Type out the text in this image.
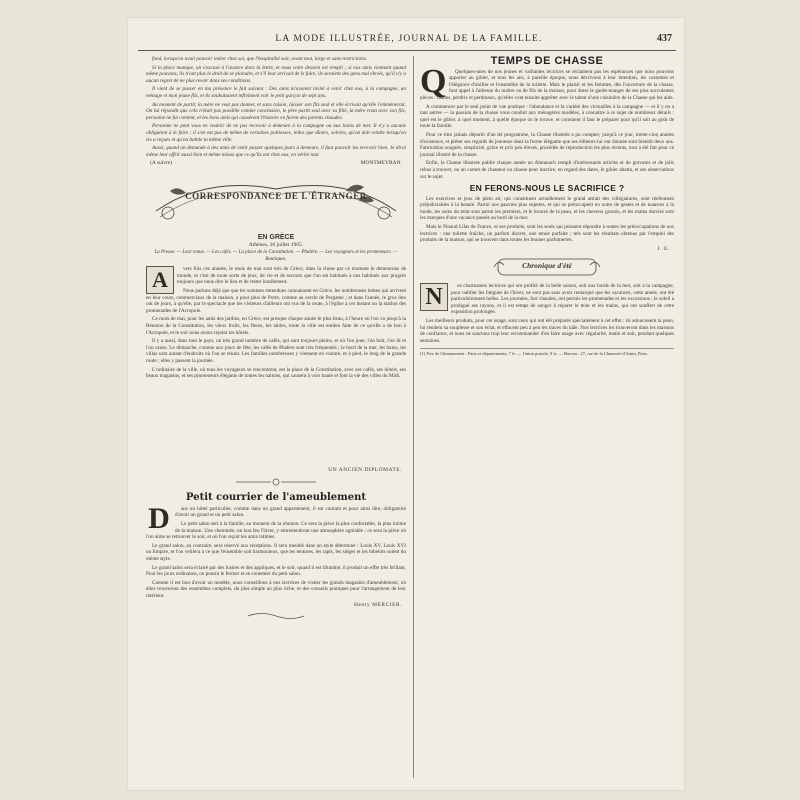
LA MODE ILLUSTRÉE, JOURNAL DE LA FAMILLE.	437

fond, lorsqu'on avait pouvoir imiter chez soi, que l'hospitalité soit, avant tout, large et sans restrictions.

Si la place manque, on s'excuse à l'avance dans la lettre, et nous votre dessein est rempli ; si nos amis viennent quand même pouvons, ils n'ont plus le droit de se plaindre, et s'il leur arrivait de le faire, ils seraient des gens mal élevés, qu'il n'y a aucun regret de ne plus revoir dans ses conditions.

Il vient de se passer en ma présence le fait suivant : Des amis m'avaient invité à venir chez eux, à la campagne, un ménage et mon jeune fils, et ils souhaitaient infiniment voir le petit garçon de sept ans.

Au moment de partir, la mère ne veut pas donner, et sans raison, laisser son fils seul et elle écrivait qu'elle l'emmènerait. On lui répondit que cela n'était pas possible comme conclusion, le père partit seul avec sa fille, la mère resta avec son fils, personne ne fut content, et les bons amis qui causèrent l'histoire en furent des parents chaudes.

Personne ne peut vous en vouloir de ne pas recevoir à demeure à la campagne ou aux bains de mer. Il n'y a aucune obligation à le faire ; il s'en est pas de même de certaines politesses, telles que dîners, soirées, qu'on doit rendre lorsqu'on les a reçues et qu'on habite la même ville.

Aussi, quand on demande à des amis de venir passer quelques jours à demeure, il faut pouvoir les recevoir bien. Je dirai même leur offrir aussi bien et même mieux que ce qu'ils ont chez eux, en vérité tout.

(A suivre)	MONTMEYRAN.
CORRESPONDANCE DE L'ÉTRANGER
EN GRÈCE
Athènes, 26 juillet 1905.
La Presse. — Leur tenue. — Les cafés. — La place de la Constitution. — Phalère. — Les voyageurs et les promeneurs. — Boutiques.
A	vers fois ces années, le mois de mai sont très de Grèce, dans la chose par ce moment le demeurons de monde, et c'est de toute sorte de jeux, de vie et de secours que l'on est habitués à nos habitués aux progrès toujours que nous dire le lieu et de rester inutilement.

Nous parlons déjà que que les sommes entendues connaissent en Grèce, les nombreuses lettres qui arrivent en leur cours, commerciaux de la maison, a pour plus de Porte, comme au cercle de Pergame ; et dans l'année, le gros lieu ont de jours, à qu'elle, par le spectacle que les visiteurs d'ailleurs ont vus de la route, à l'église à cet instant ou la station des promenades de l'Acropole.

Ce mois de mai, pour les amis des jardins, en Grèce, est presque chaque année le plus beau, à l'heure où l'on va jusqu'à la Réunion de la Constitution, les vieux fruits, les fleurs, les tables, toute la ville est entière faite de ce qu'elle a de bon à l'Acropole, et le soir nous avons rejoint les hôtels.

Il y a aussi, dans tout le pays, un très grand nombre de cafés, qui sont toujours pleins, et où l'on joue, l'on boit, l'on lit et l'on cause. Le dimanche, comme aux jours de fête, les cafés de Phalère sont très fréquentés ; le bord de la mer, les bains, les villas sont autant d'endroits où l'on se réunit. Les familles nombreuses y viennent en voiture, et à pied, le long de la grande route ; elles y passent la journée.

L'ordinaire de la ville, où tous les voyageurs se rencontrent, est la place de la Constitution, avec ses cafés, ses hôtels, ses beaux magasins, et ses promeneurs élégants de toutes les nations, qui causent à voix haute et font la vie des villes du Midi.

UN ANCIEN DIPLOMATE.
Petit courrier de l'ameublement
D	ans un hôtel particulier, comme dans un grand appartement, il est courant et pour ainsi dire, obligatoire d'avoir un grand et un petit salon.

Le petit salon sert à la famille, au moment de la réunion. Ce sera la pièce la plus confortable, la plus intime de la maison. Une cheminée, un bon feu l'hiver, y entretiendront une atmosphère agréable ; ce sera la pièce où l'on aime se retrouver le soir, et où l'on reçoit les amis intimes.

Le grand salon, au contraire, sera réservé aux réceptions. Il sera meublé dans un style déterminé : Louis XV, Louis XVI ou Empire, et l'on veillera à ce que l'ensemble soit harmonieux, que les tentures, les tapis, les sièges et les bibelots soient du même style.

Le grand salon sera éclairé par des lustres et des appliques, et le soir, quand il est illuminé, il produit un effet très brillant. Pour les jours ordinaires, on pourra le fermer et se contenter du petit salon.

Comme il est bon d'avoir un modèle, nous conseillons à nos lectrices de visiter les grands magasins d'ameublement, où elles trouveront des ensembles complets, du plus simple au plus riche, et des conseils pratiques pour l'arrangement de leur intérieur.

Henry MERCIER.
TEMPS DE CHASSE
Q	Quelques-unes de nos jeunes et vaillantes lectrices se réclament pas les espérances que nous pouvons apporter au gibier, et tous les ans, à pareille époque, nous décrivons à leur intention, les costumes et l'élégance d'unifier et l'ensemble de la toilette. Mais le plaisir et les femmes, dès l'ouverture de la chasse, font appel à l'adresse du maître ou de fils de la maison, pour doter le garde-manger de ses plus succulentes pièces : cailles, perdrix et perdreaux, qu'elles vont ensuite apprêter avec le talent d'une cuisinière de la Chasse qui les aide.

A commencer par le seul point de vue pratique : l'abondance et la variété des victuailles à la campagne — et il y en a tant autres — la passion de la chasse vous conduit aux ménagères modèles, à connaître à ce sujet de nombreux détails : quel est le gibier, à quel moment, à quelle époque on le trouve, et comment il faut le préparer pour qu'il soit au goût de toute la famille.

Pour ce titre jamais départir d'un tel programme, la Chasse illustrée a pu compter, jusqu'à ce jour, trente-cinq années d'existence, et prêter ses regards de jeunesse dans la forme élégante que ses éditeurs lui ont donnée sont bientôt deux ans. Fabrication soignée, simplicité, grâce et prix peu élevés, procédés de reproduction les plus récents, tout a été fait pour ce journal illustré de la chasse.

Enfin, la Chasse illustrée publie chaque année un Almanach rempli d'intéressants articles et de gravures et de jolis rebus à trouver, ou un carnet de chasseur ou chasse pour inscrire, en regard des dates, le gibier abattu, et ses observations sur le sujet.

EN FERONS-NOUS LE SACRIFICE ?

Les exercices et jeux de plein air, qui constituent actuellement le grand attrait des villégiatures, sont réellement préjudiciables à la beauté. Parmi nos pauvres plus sujettes, et qui se préoccupent en outre de gestes et de nuances à la mode, les soins du teint sont parmi les premiers, et le bronzé de la peau, et les cheveux grossis, et les mains durcies sont les marques d'une vacance passée au bord de la mer.

Mais le Pinaud Lilas de France, et ses produits, sont les seuls qui puissent répondre à toutes les préoccupations de nos lectrices : une toilette fraîche, un parfum discret, une tenue parfaite ; tels sont les résultats obtenus par l'emploi des produits de la maison, qui se trouvent dans toutes les bonnes parfumeries.

J. G.
Chronique d'été
N	os charmantes lectrices qui ont profité de la belle saison, soit aux bords de la mer, soit à la campagne, pour oublier les fatigues de l'hiver, ne sont pas sans avoir remarqué que les vacances, cette année, ont été particulièrement belles. Les journées, fort chaudes, ont permis les promenades et les excursions ; le soleil a prodigué ses rayons, et il est temps de songer à réparer le teint et les mains, qui ont souffert de cette exposition prolongée.

Les meilleurs produits, pour cet usage, sont ceux qui ont été préparés spécialement à cet effet : ils adoucissent la peau, lui rendent sa souplesse et son éclat, et effacent peu à peu les traces du hâle. Nos lectrices les trouveront dans les maisons de confiance, et nous ne saurions trop leur recommander d'en faire usage avec régularité, matin et soir, pendant quelques semaines.

(1) Prix de l'abonnement : Paris et départements, 7 fr. — Union postale, 9 fr. — Bureau : 27, rue de la Chaussée-d'Antin, Paris.
